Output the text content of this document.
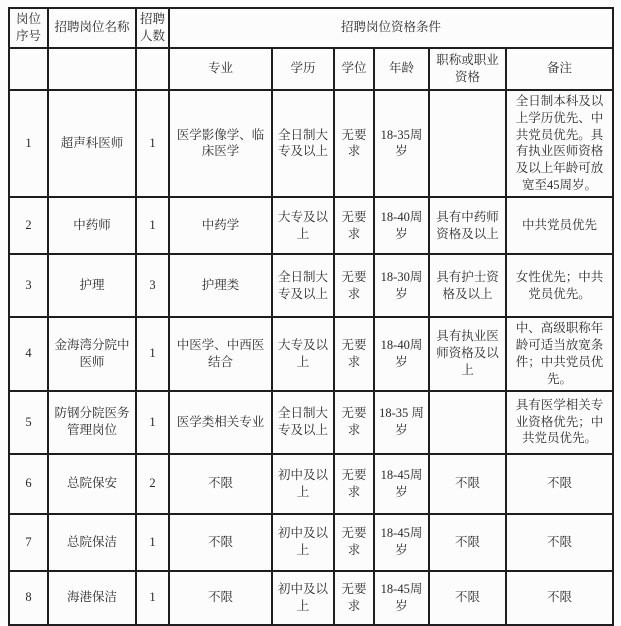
岗位序号	招聘岗位名称	招聘人数	招聘岗位资格条件					
			专业	学历	学位	年龄	职称或职业资格	备注
1	超声科医师	1	医学影像学、临床医学	全日制大专及以上	无要求	18-35周岁		全日制本科及以上学历优先、中共党员优先。具有执业医师资格及以上年龄可放宽至45周岁。
2	中药师	1	中药学	大专及以上	无要求	18-40周岁	具有中药师资格及以上	中共党员优先
3	护理	3	护理类	全日制大专及以上	无要求	18-30周岁	具有护士资格及以上	女性优先；中共党员优先。
4	金海湾分院中医师	1	中医学、中西医结合	大专及以上	无要求	18-40周岁	具有执业医师资格及以上	中、高级职称年龄可适当放宽条件；中共党员优先。
5	防钢分院医务管理岗位	1	医学类相关专业	全日制大专及以上	无要求	18-35 周岁		具有医学相关专业资格优先；中共党员优先。
6	总院保安	2	不限	初中及以上	无要求	18-45周岁	不限	不限
7	总院保洁	1	不限	初中及以上	无要求	18-45周岁	不限	不限
8	海港保洁	1	不限	初中及以上	无要求	18-45周岁	不限	不限
